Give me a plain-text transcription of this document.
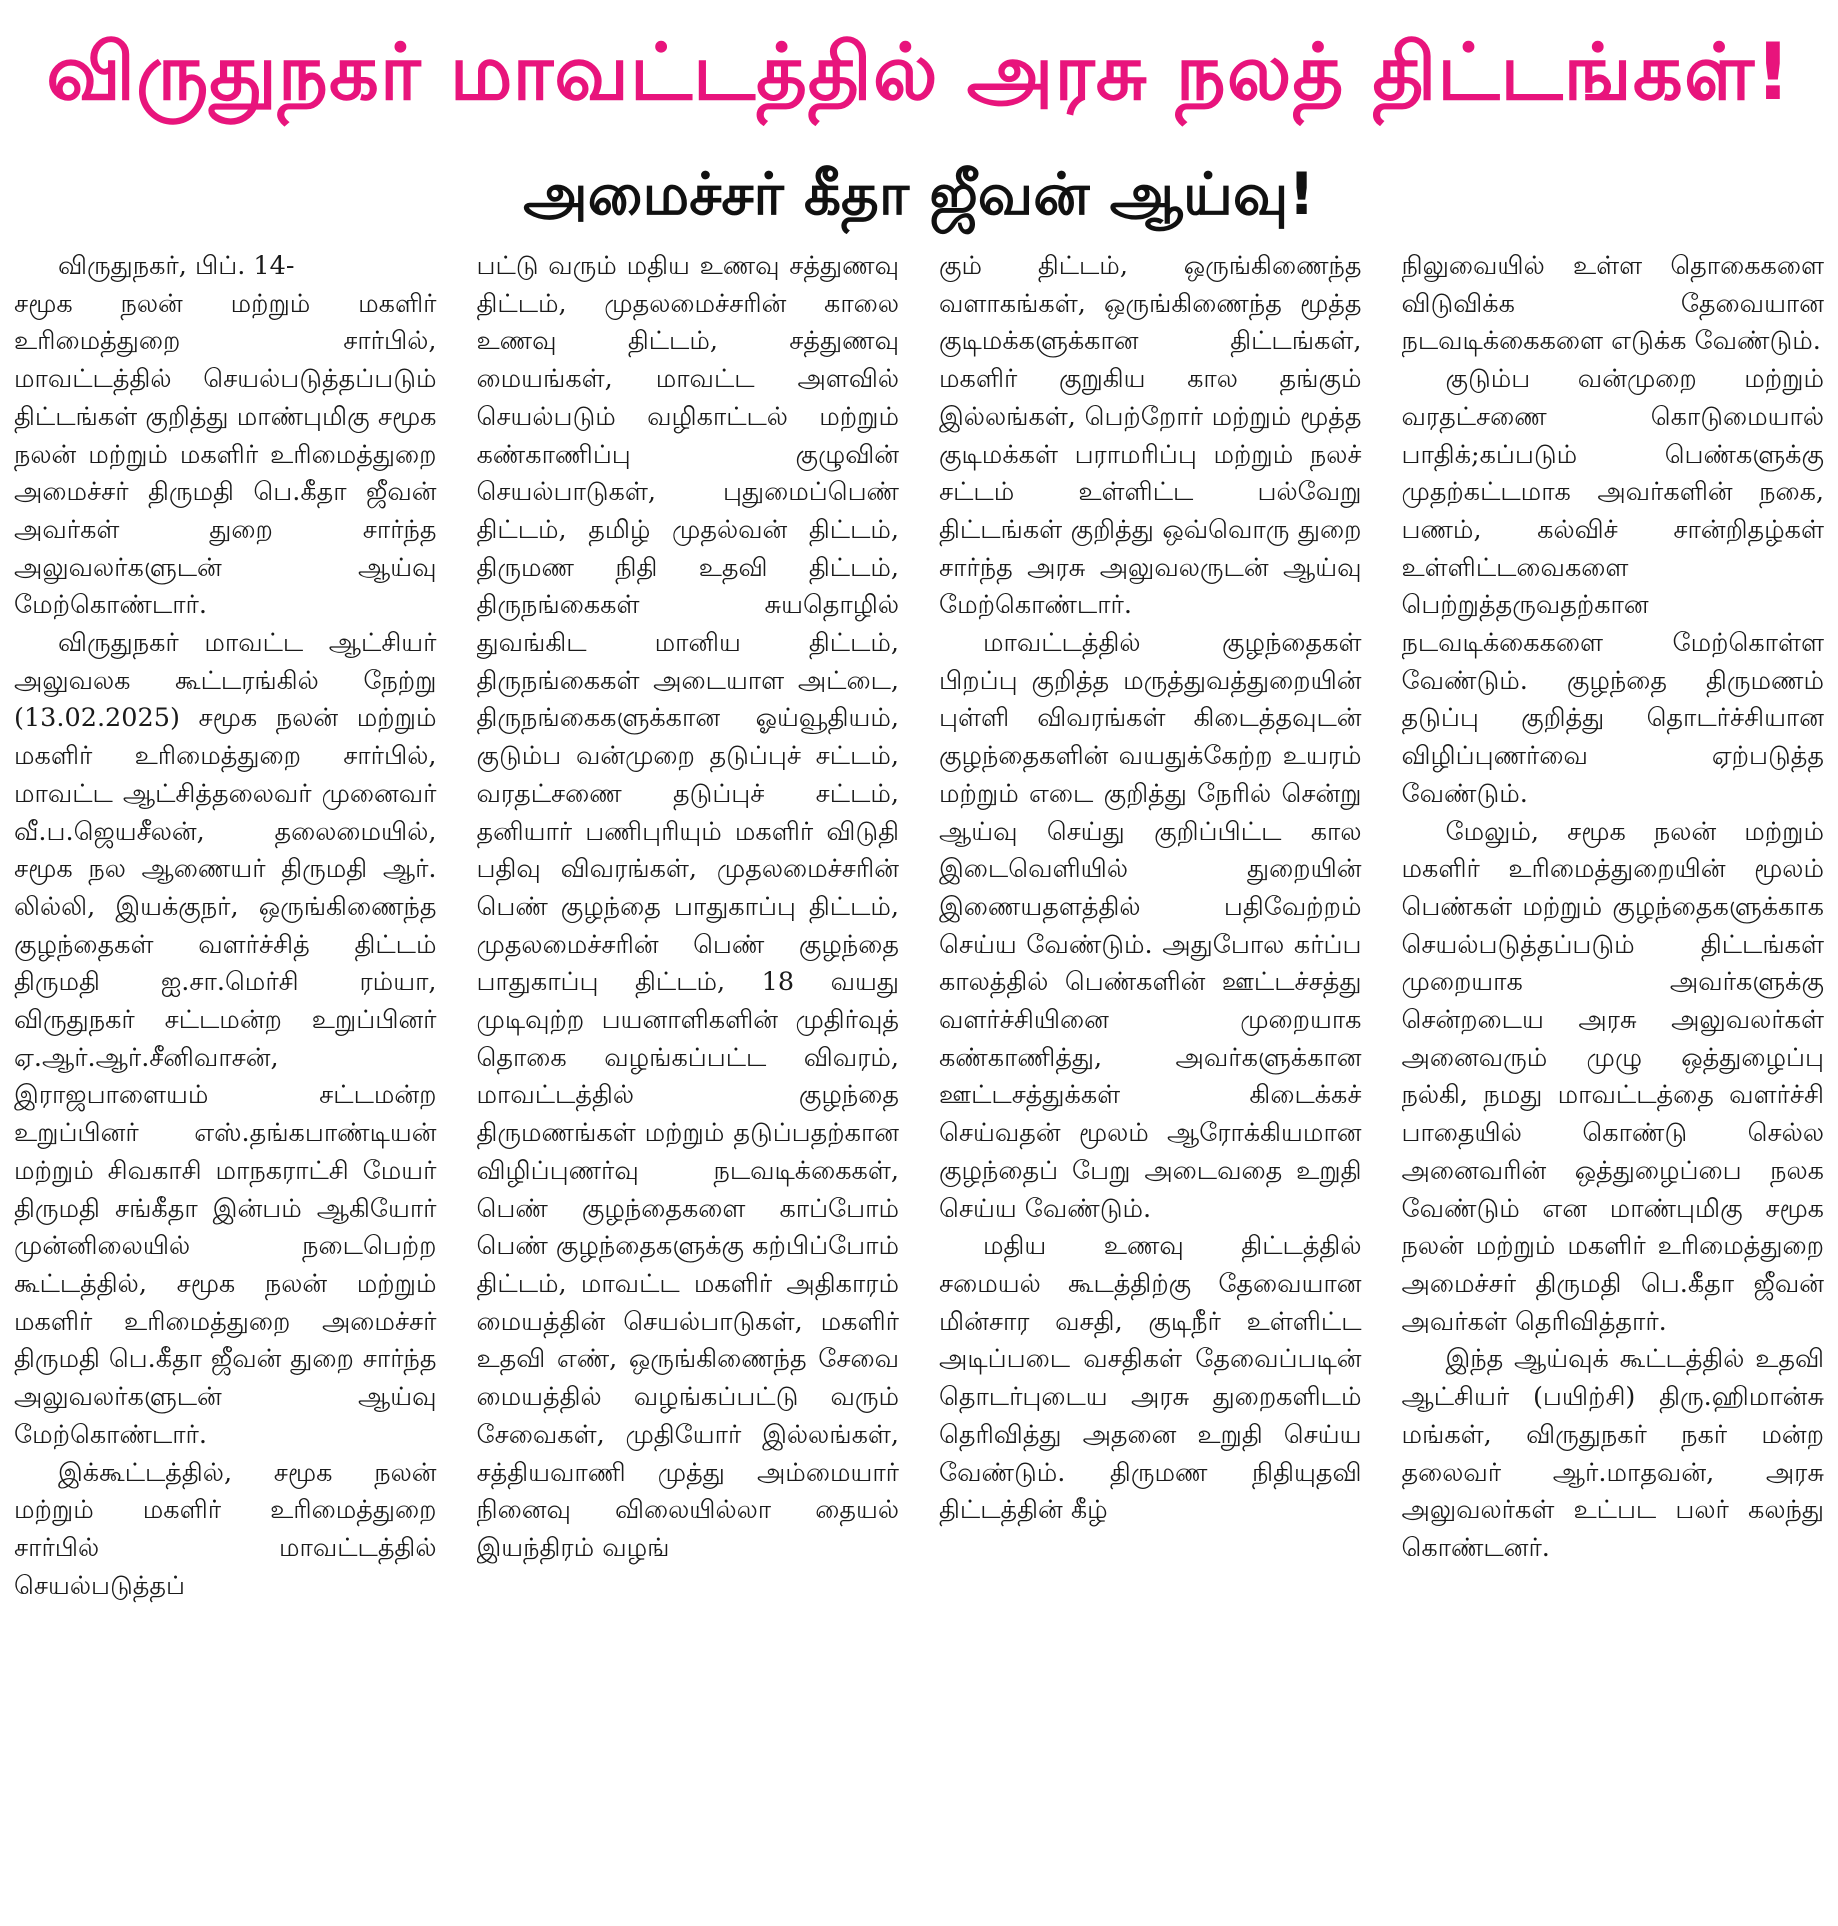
விருதுநகர் மாவட்டத்தில் அரசு நலத் திட்டங்கள்!
அமைச்சர் கீதா ஜீவன் ஆய்வு!

விருதுநகர், பிப். 14-

சமூக நலன் மற்றும் மகளிர் உரிமைத்துறை சார்பில், மாவட்டத்தில் செயல்படுத்தப்படும் திட்டங்கள் குறித்து மாண்புமிகு சமூக நலன் மற்றும் மகளிர் உரிமைத்துறை அமைச்சர் திருமதி பெ.கீதா ஜீவன் அவர்கள் துறை சார்ந்த அலுவலர்களுடன் ஆய்வு மேற்கொண்டார்.

விருதுநகர் மாவட்ட ஆட்சியர் அலுவலக கூட்டரங்கில் நேற்று (13.02.2025) சமூக நலன் மற்றும் மகளிர் உரிமைத்துறை சார்பில், மாவட்ட ஆட்சித்தலைவர் முனைவர் வீ.ப.ஜெயசீலன், தலைமையில், சமூக நல ஆணையர் திருமதி ஆர். லில்லி, இயக்குநர், ஒருங்கிணைந்த குழந்தைகள் வளர்ச்சித் திட்டம் திருமதி ஐ.சா.மெர்சி ரம்யா, விருதுநகர் சட்டமன்ற உறுப்பினர் ஏ.ஆர்.ஆர்.சீனிவாசன், இராஜபாளையம் சட்டமன்ற உறுப்பினர் எஸ்.தங்கபாண்டியன் மற்றும் சிவகாசி மாநகராட்சி மேயர் திருமதி சங்கீதா இன்பம் ஆகியோர் முன்னிலையில் நடைபெற்ற கூட்டத்தில், சமூக நலன் மற்றும் மகளிர் உரிமைத்துறை அமைச்சர் திருமதி பெ.கீதா ஜீவன் துறை சார்ந்த அலுவலர்களுடன் ஆய்வு மேற்கொண்டார்.

இக்கூட்டத்தில், சமூக நலன் மற்றும் மகளிர் உரிமைத்துறை சார்பில் மாவட்டத்தில் செயல்படுத்தப்

பட்டு வரும் மதிய உணவு சத்துணவு திட்டம், முதலமைச்சரின் காலை உணவு திட்டம், சத்துணவு மையங்கள், மாவட்ட அளவில் செயல்படும் வழிகாட்டல் மற்றும் கண்காணிப்பு குழுவின் செயல்பாடுகள், புதுமைப்பெண் திட்டம், தமிழ் முதல்வன் திட்டம், திருமண நிதி உதவி திட்டம், திருநங்கைகள் சுயதொழில் துவங்கிட மானிய திட்டம், திருநங்கைகள் அடையாள அட்டை, திருநங்கைகளுக்கான ஓய்வூதியம், குடும்ப வன்முறை தடுப்புச் சட்டம், வரதட்சணை தடுப்புச் சட்டம், தனியார் பணிபுரியும் மகளிர் விடுதி பதிவு விவரங்கள், முதலமைச்சரின் பெண் குழந்தை பாதுகாப்பு திட்டம், முதலமைச்சரின் பெண் குழந்தை பாதுகாப்பு திட்டம், 18 வயது முடிவுற்ற பயனாளிகளின் முதிர்வுத் தொகை வழங்கப்பட்ட விவரம், மாவட்டத்தில் குழந்தை திருமணங்கள் மற்றும் தடுப்பதற்கான விழிப்புணர்வு நடவடிக்கைகள், பெண் குழந்தைகளை காப்போம் பெண் குழந்தைகளுக்கு கற்பிப்போம் திட்டம், மாவட்ட மகளிர் அதிகாரம் மையத்தின் செயல்பாடுகள், மகளிர் உதவி எண், ஒருங்கிணைந்த சேவை மையத்தில் வழங்கப்பட்டு வரும் சேவைகள், முதியோர் இல்லங்கள், சத்தியவாணி முத்து அம்மையார் நினைவு விலையில்லா தையல் இயந்திரம் வழங்

கும் திட்டம், ஒருங்கிணைந்த வளாகங்கள், ஒருங்கிணைந்த மூத்த குடிமக்களுக்கான திட்டங்கள், மகளிர் குறுகிய கால தங்கும் இல்லங்கள், பெற்றோர் மற்றும் மூத்த குடிமக்கள் பராமரிப்பு மற்றும் நலச் சட்டம் உள்ளிட்ட பல்வேறு திட்டங்கள் குறித்து ஒவ்வொரு துறை சார்ந்த அரசு அலுவலருடன் ஆய்வு மேற்கொண்டார்.

மாவட்டத்தில் குழந்தைகள் பிறப்பு குறித்த மருத்துவத்துறையின் புள்ளி விவரங்கள் கிடைத்தவுடன் குழந்தைகளின் வயதுக்கேற்ற உயரம் மற்றும் எடை குறித்து நேரில் சென்று ஆய்வு செய்து குறிப்பிட்ட கால இடைவெளியில் துறையின் இணையதளத்தில் பதிவேற்றம் செய்ய வேண்டும். அதுபோல கர்ப்ப காலத்தில் பெண்களின் ஊட்டச்சத்து வளர்ச்சியினை முறையாக கண்காணித்து, அவர்களுக்கான ஊட்டசத்துக்கள் கிடைக்கச் செய்வதன் மூலம் ஆரோக்கியமான குழந்தைப் பேறு அடைவதை உறுதி செய்ய வேண்டும்.

மதிய உணவு திட்டத்தில் சமையல் கூடத்திற்கு தேவையான மின்சார வசதி, குடிநீர் உள்ளிட்ட அடிப்படை வசதிகள் தேவைப்படின் தொடர்புடைய அரசு துறைகளிடம் தெரிவித்து அதனை உறுதி செய்ய வேண்டும். திருமண நிதியுதவி திட்டத்தின் கீழ்

நிலுவையில் உள்ள தொகைகளை விடுவிக்க தேவையான நடவடிக்கைகளை எடுக்க வேண்டும்.

குடும்ப வன்முறை மற்றும் வரதட்சணை கொடுமையால் பாதிக்;கப்படும் பெண்களுக்கு முதற்கட்டமாக அவர்களின் நகை, பணம், கல்விச் சான்றிதழ்கள் உள்ளிட்டவைகளை பெற்றுத்தருவதற்கான நடவடிக்கைகளை மேற்கொள்ள வேண்டும். குழந்தை திருமணம் தடுப்பு குறித்து தொடர்ச்சியான விழிப்புணர்வை ஏற்படுத்த வேண்டும்.

மேலும், சமூக நலன் மற்றும் மகளிர் உரிமைத்துறையின் மூலம் பெண்கள் மற்றும் குழந்தைகளுக்காக செயல்படுத்தப்படும் திட்டங்கள் முறையாக அவர்களுக்கு சென்றடைய அரசு அலுவலர்கள் அனைவரும் முழு ஒத்துழைப்பு நல்கி, நமது மாவட்டத்தை வளர்ச்சி பாதையில் கொண்டு செல்ல அனைவரின் ஒத்துழைப்பை நலக வேண்டும் என மாண்புமிகு சமூக நலன் மற்றும் மகளிர் உரிமைத்துறை அமைச்சர் திருமதி பெ.கீதா ஜீவன் அவர்கள் தெரிவித்தார்.

இந்த ஆய்வுக் கூட்டத்தில் உதவி ஆட்சியர் (பயிற்சி) திரு.ஹிமான்சு மங்கள், விருதுநகர் நகர் மன்ற தலைவர் ஆர்.மாதவன், அரசு அலுவலர்கள் உட்பட பலர் கலந்து கொண்டனர்.
